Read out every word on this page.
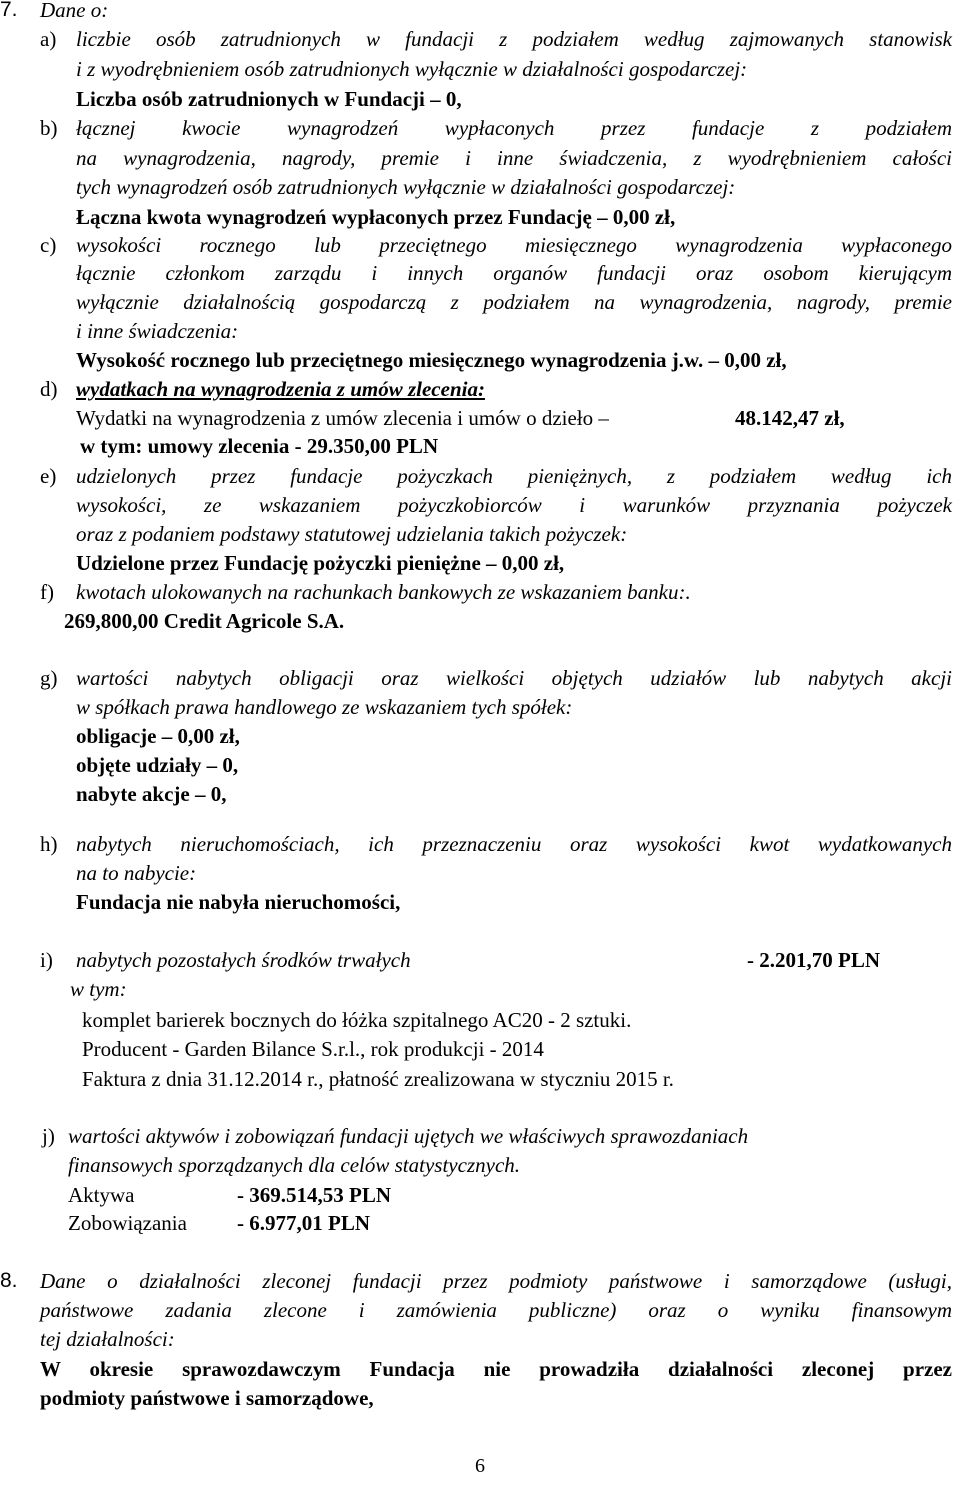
7. Dane o:
a) liczbie osób zatrudnionych w fundacji z podziałem według zajmowanych stanowisk
i z wyodrębnieniem osób zatrudnionych wyłącznie w działalności gospodarczej:
Liczba osób zatrudnionych w Fundacji – 0,
b) łącznej kwocie wynagrodzeń wypłaconych przez fundacje z podziałem
na wynagrodzenia, nagrody, premie i inne świadczenia, z wyodrębnieniem całości
tych wynagrodzeń osób zatrudnionych wyłącznie w działalności gospodarczej:
Łączna kwota wynagrodzeń wypłaconych przez Fundację – 0,00 zł,
c) wysokości rocznego lub przeciętnego miesięcznego wynagrodzenia wypłaconego
łącznie członkom zarządu i innych organów fundacji oraz osobom kierującym
wyłącznie działalnością gospodarczą z podziałem na wynagrodzenia, nagrody, premie
i inne świadczenia:
Wysokość rocznego lub przeciętnego miesięcznego wynagrodzenia j.w. – 0,00 zł,
d) wydatkach na wynagrodzenia z umów zlecenia:
Wydatki na wynagrodzenia z umów zlecenia i umów o dzieło –	48.142,47 zł,
w tym: umowy zlecenia - 29.350,00 PLN
e) udzielonych przez fundacje pożyczkach pieniężnych, z podziałem według ich
wysokości, ze wskazaniem pożyczkobiorców i warunków przyznania pożyczek
oraz z podaniem podstawy statutowej udzielania takich pożyczek:
Udzielone przez Fundację pożyczki pieniężne – 0,00 zł,
f) kwotach ulokowanych na rachunkach bankowych ze wskazaniem banku:.
269,800,00 Credit Agricole S.A.
g) wartości nabytych obligacji oraz wielkości objętych udziałów lub nabytych akcji
w spółkach prawa handlowego ze wskazaniem tych spółek:
obligacje – 0,00 zł,
objęte udziały – 0,
nabyte akcje – 0,
h) nabytych nieruchomościach, ich przeznaczeniu oraz wysokości kwot wydatkowanych
na to nabycie:
Fundacja nie nabyła nieruchomości,
i) nabytych pozostałych środków trwałych	- 2.201,70 PLN
w tym:
komplet barierek bocznych do łóżka szpitalnego AC20 - 2 sztuki.
Producent - Garden Bilance S.r.l., rok produkcji - 2014
Faktura z dnia 31.12.2014 r., płatność zrealizowana w styczniu 2015 r.
j) wartości aktywów i zobowiązań fundacji ujętych we właściwych sprawozdaniach
finansowych sporządzanych dla celów statystycznych.
Aktywa	- 369.514,53 PLN
Zobowiązania - 6.977,01 PLN
8. Dane o działalności zleconej fundacji przez podmioty państwowe i samorządowe (usługi,
państwowe zadania zlecone i zamówienia publiczne) oraz o wyniku finansowym
tej działalności:
W okresie sprawozdawczym Fundacja nie prowadziła działalności zleconej przez
podmioty państwowe i samorządowe,
6
